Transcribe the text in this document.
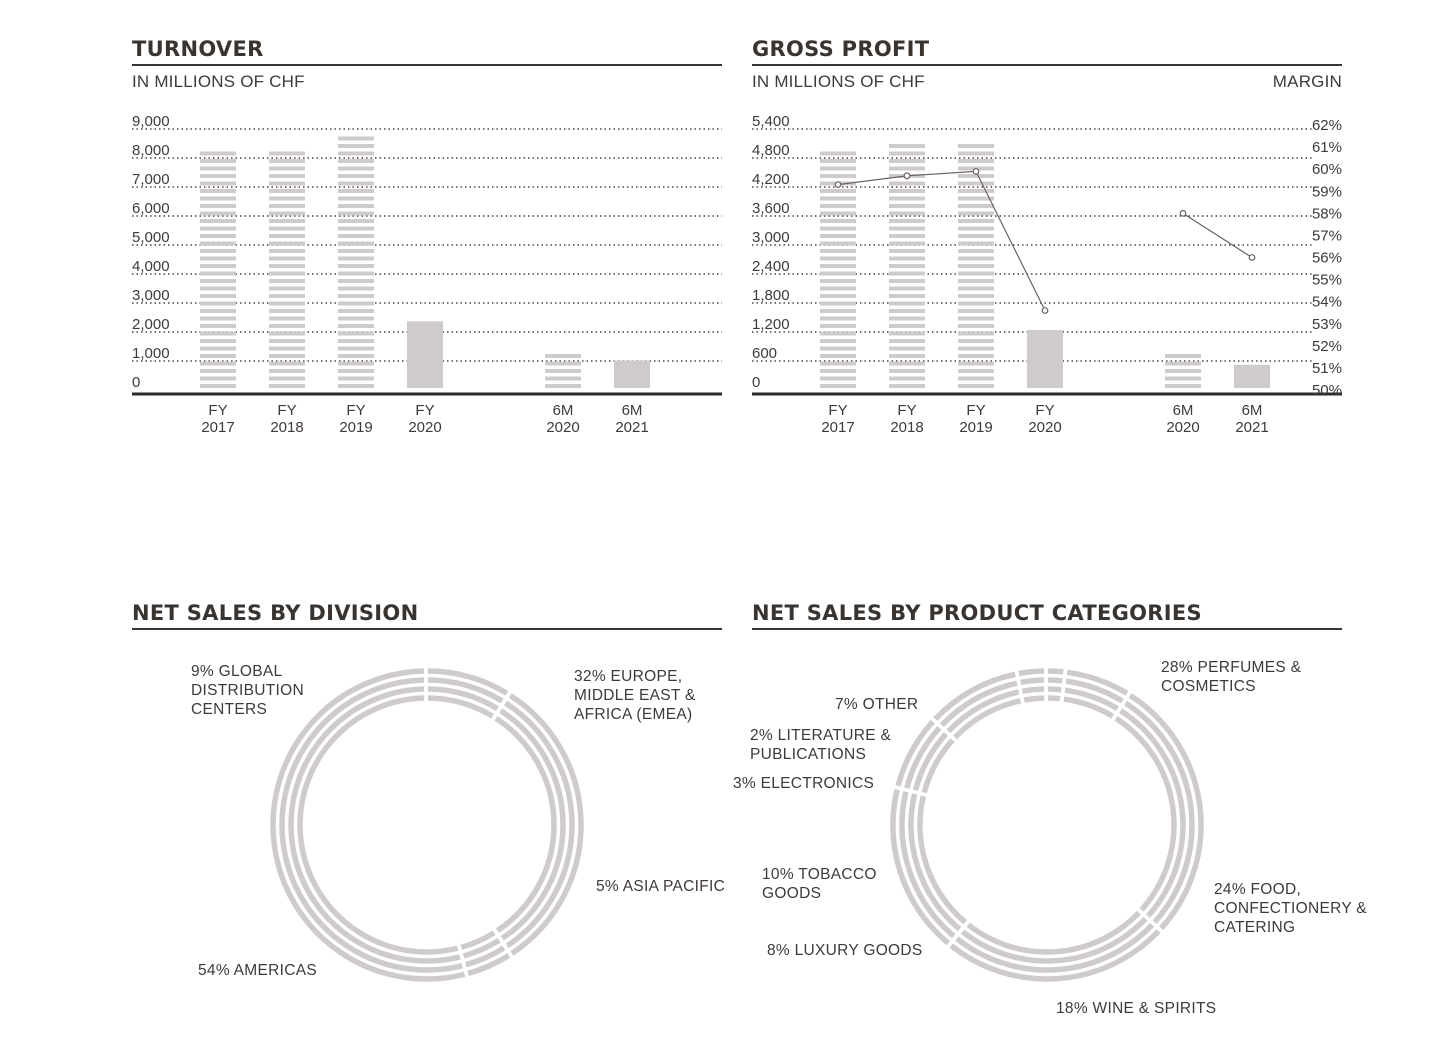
TURNOVER
IN MILLIONS OF CHF
0
1,000
2,000
3,000
4,000
5,000
6,000
7,000
8,000
9,000
FY
2017
FY
2018
FY
2019
FY
2020
6M
2020
6M
2021
GROSS PROFIT
IN MILLIONS OF CHF	MARGIN
0
600
1,200
1,800
2,400
3,000
3,600
4,200
4,800
5,400
FY
2017
FY
2018
FY
2019
FY
2020
6M
2020
6M
2021
50%
51%
52%
53%
54%
55%
56%
57%
58%
59%
60%
61%
62%
NET SALES BY DIVISION
32% EUROPE,
MIDDLE EAST &
AFRICA (EMEA)
5% ASIA PACIFIC
54% AMERICAS
9% GLOBAL
DISTRIBUTION
CENTERS
NET SALES BY PRODUCT CATEGORIES
28% PERFUMES &
COSMETICS
24% FOOD,
CONFECTIONERY &
CATERING
18% WINE & SPIRITS
8% LUXURY GOODS
10% TOBACCO
GOODS
3% ELECTRONICS
2% LITERATURE &
PUBLICATIONS
7% OTHER
